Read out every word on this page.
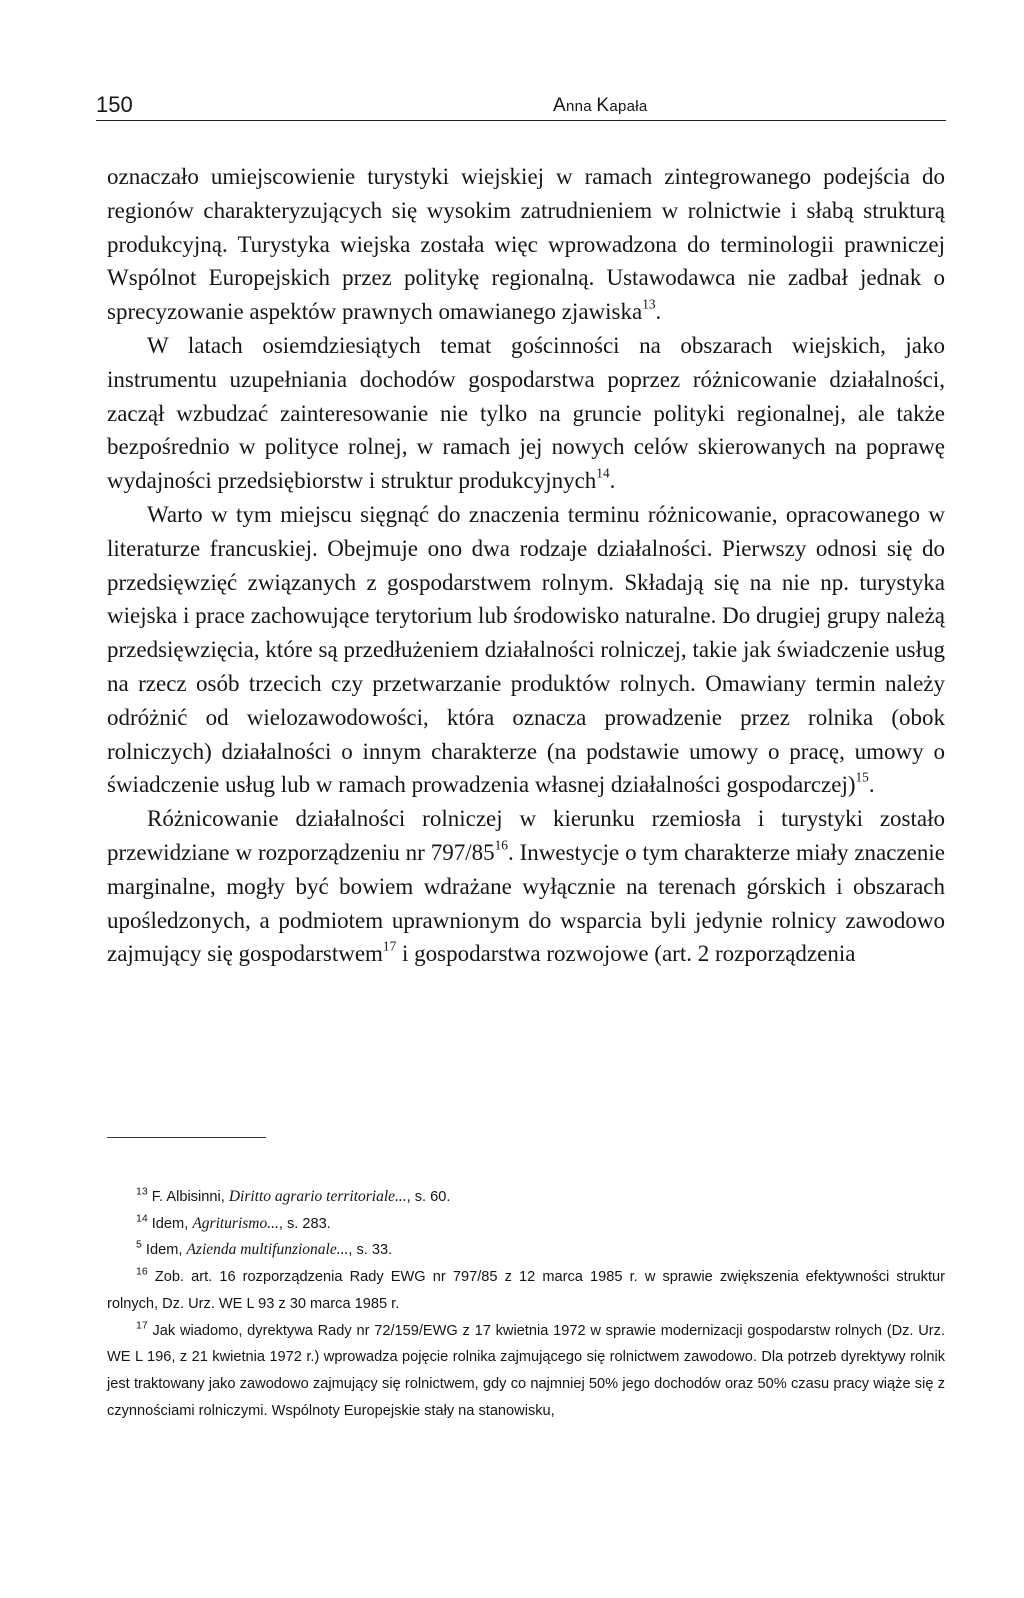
150	Anna Kapała

oznaczało umiejscowienie turystyki wiejskiej w ramach zintegrowanego podejścia do regionów charakteryzujących się wysokim zatrudnieniem w rolnictwie i słabą strukturą produkcyjną. Turystyka wiejska została więc wprowadzona do terminologii prawniczej Wspólnot Europejskich przez politykę regionalną. Ustawodawca nie zadbał jednak o sprecyzowanie aspektów prawnych omawianego zjawiska$^{13}$.

W latach osiemdziesiątych temat gościnności na obszarach wiejskich, jako instrumentu uzupełniania dochodów gospodarstwa poprzez różnicowanie działalności, zaczął wzbudzać zainteresowanie nie tylko na gruncie polityki regionalnej, ale także bezpośrednio w polityce rolnej, w ramach jej nowych celów skierowanych na poprawę wydajności przedsiębiorstw i struktur produkcyjnych$^{14}$.

Warto w tym miejscu sięgnąć do znaczenia terminu różnicowanie, opracowanego w literaturze francuskiej. Obejmuje ono dwa rodzaje działalności. Pierwszy odnosi się do przedsięwzięć związanych z gospodarstwem rolnym. Składają się na nie np. turystyka wiejska i prace zachowujące terytorium lub środowisko naturalne. Do drugiej grupy należą przedsięwzięcia, które są przedłużeniem działalności rolniczej, takie jak świadczenie usług na rzecz osób trzecich czy przetwarzanie produktów rolnych. Omawiany termin należy odróżnić od wielozawodowości, która oznacza prowadzenie przez rolnika (obok rolniczych) działalności o innym charakterze (na podstawie umowy o pracę, umowy o świadczenie usług lub w ramach prowadzenia własnej działalności gospodarczej)$^{15}$.

Różnicowanie działalności rolniczej w kierunku rzemiosła i turystyki zostało przewidziane w rozporządzeniu nr $797/85^{16}$. Inwestycje o tym charakterze miały znaczenie marginalne, mogły być bowiem wdrażane wyłącznie na terenach górskich i obszarach upośledzonych, a podmiotem uprawnionym do wsparcia byli jedynie rolnicy zawodowo zajmujący się gospodarstwem$^{17}$ i gospodarstwa rozwojowe (art. 2 rozporządzenia

$^{13}$ F. Albisinni, Diritto agrario territoriale..., s. 60.

$^{14}$ Idem, Agriturismo..., s. 283.

$^5$ Idem, Azienda multifunzionale..., s. 33.

$^{16}$ Zob. art. 16 rozporządzenia Rady EWG nr 797/85 z 12 marca 1985 r. w sprawie zwiększenia efektywności struktur rolnych, Dz. Urz. WE L 93 z 30 marca 1985 r.

$^{17}$ Jak wiadomo, dyrektywa Rady nr 72/159/EWG z 17 kwietnia 1972 w sprawie modernizacji gospodarstw rolnych (Dz. Urz. WE L 196, z 21 kwietnia 1972 r.) wprowadza pojęcie rolnika zajmującego się rolnictwem zawodowo. Dla potrzeb dyrektywy rolnik jest traktowany jako zawodowo zajmujący się rolnictwem, gdy co najmniej 50% jego dochodów oraz 50% czasu pracy wiąże się z czynnościami rolniczymi. Wspólnoty Europejskie stały na stanowisku,
